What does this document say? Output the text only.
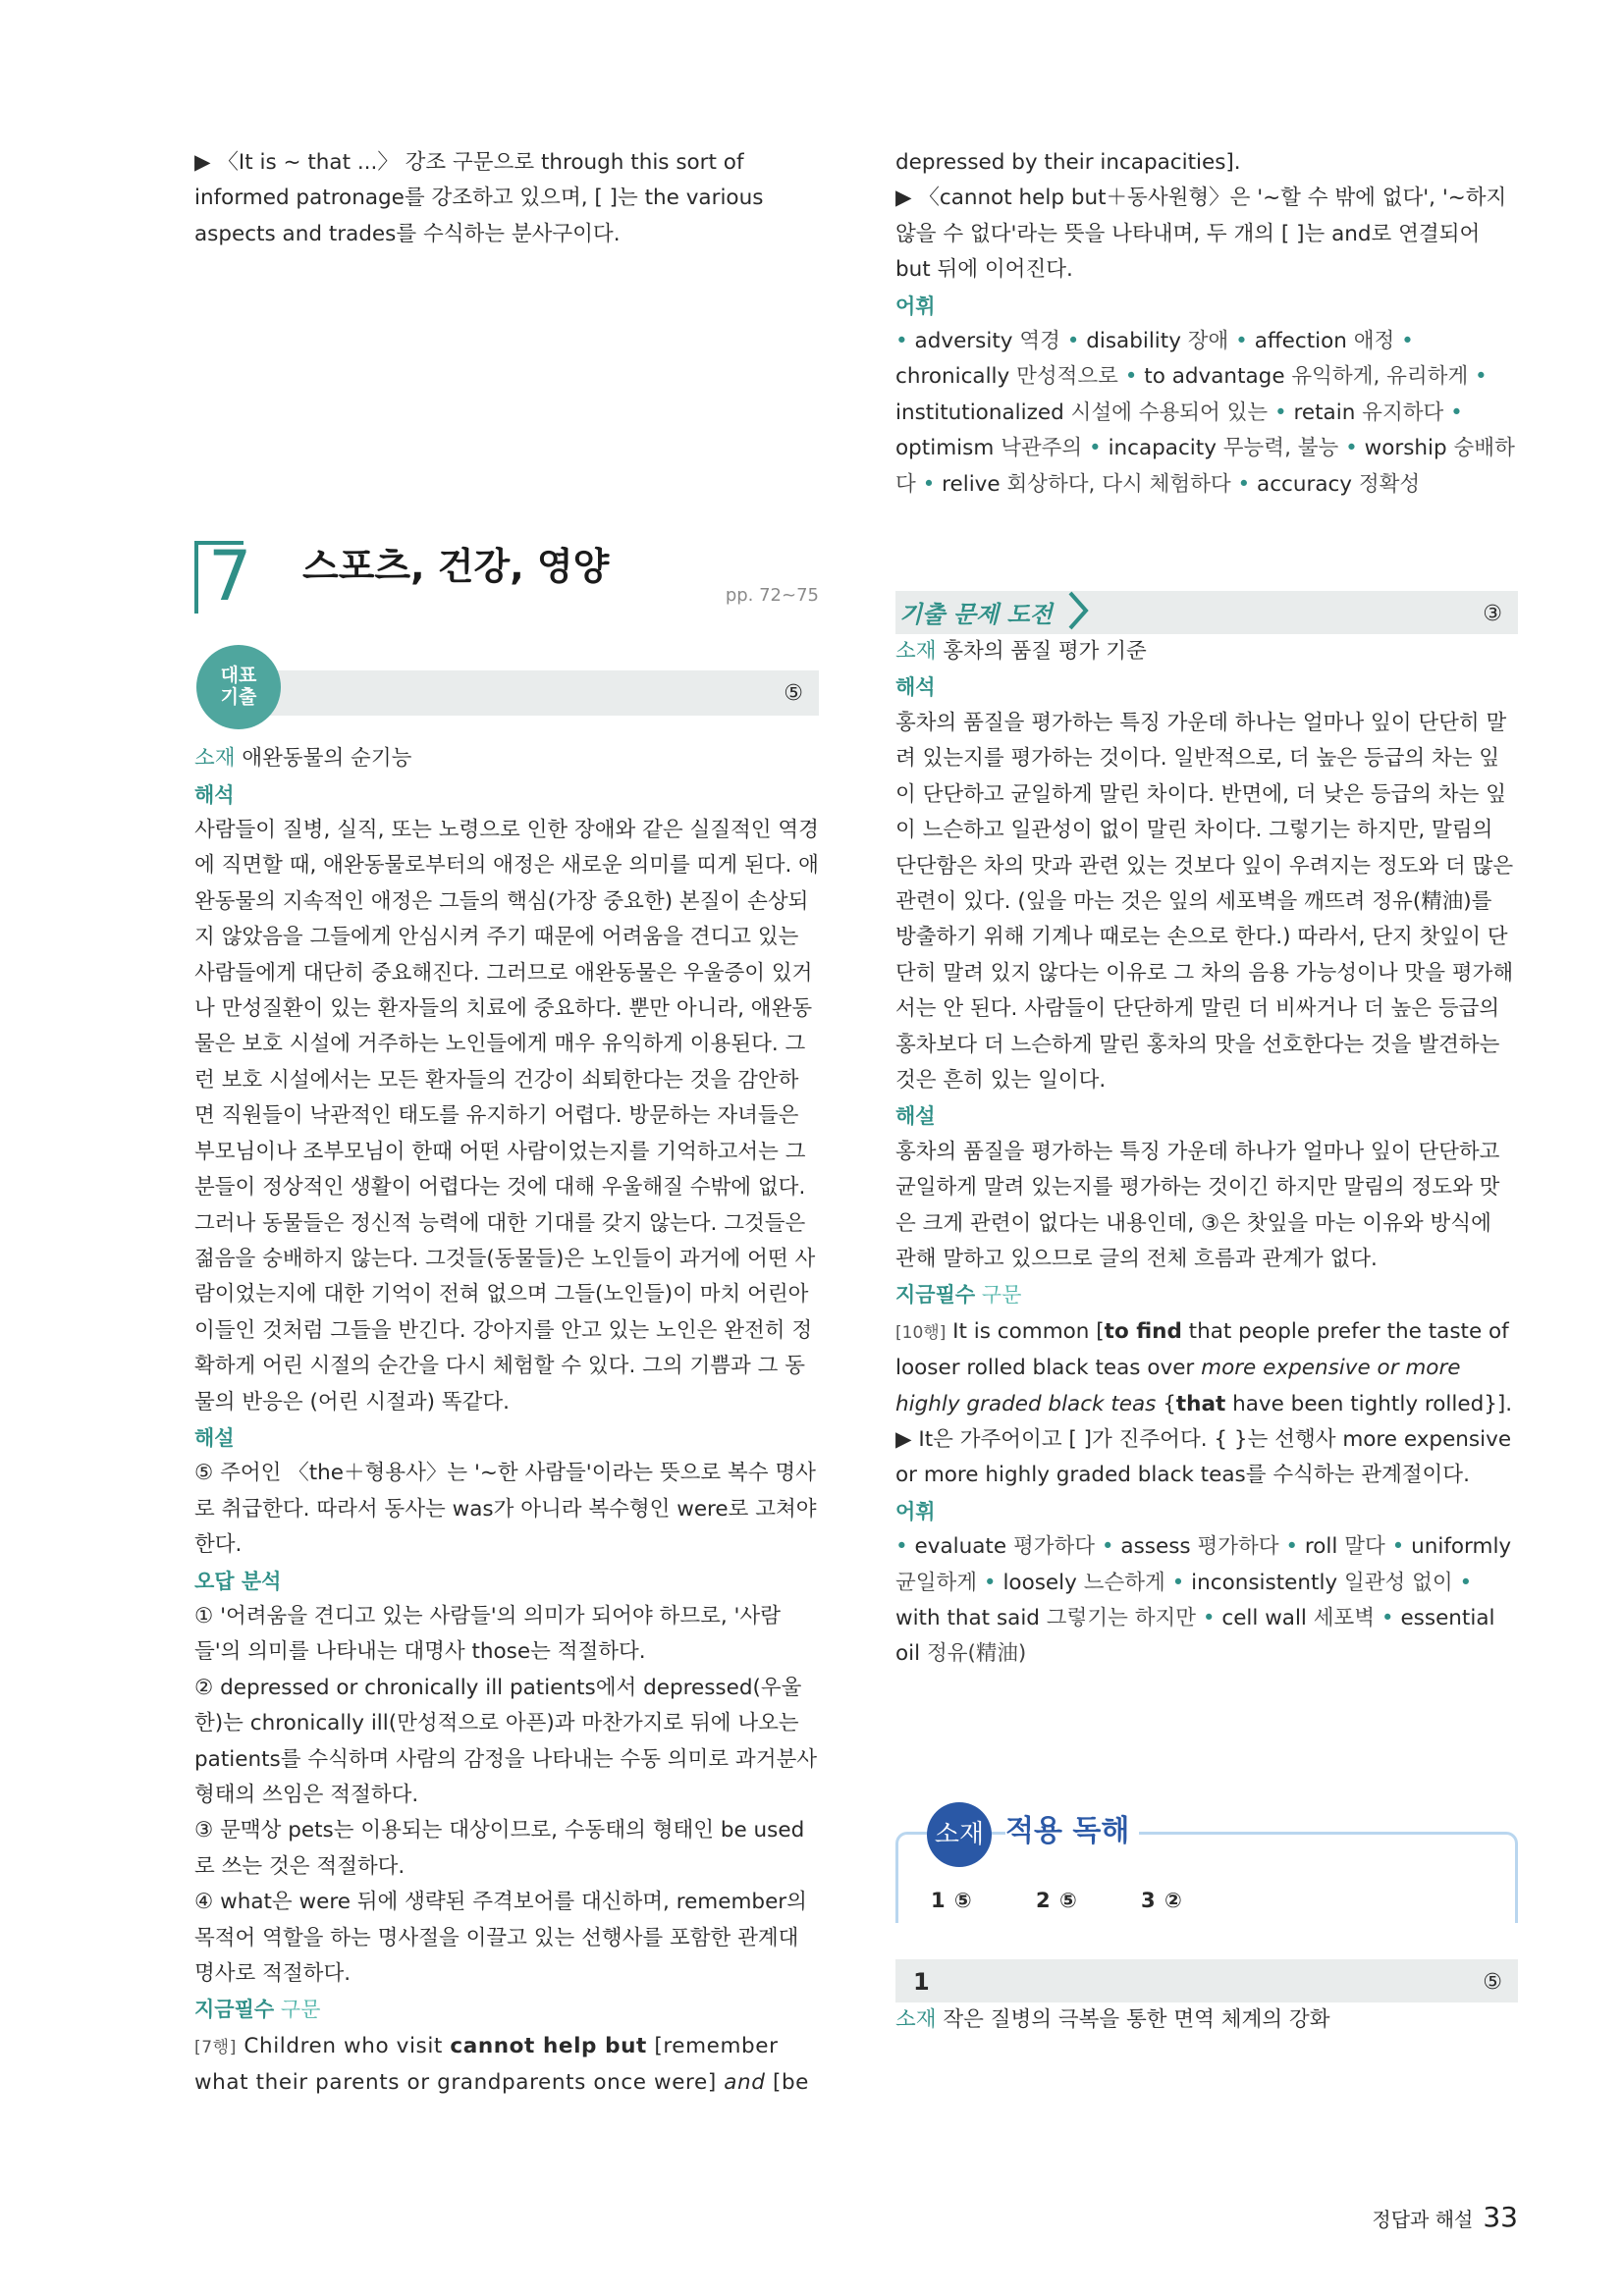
▶ 〈It is ~ that ...〉 강조 구문으로 through this sort of informed patronage를 강조하고 있으며, [ ]는 the various aspects and trades를 수식하는 분사구이다.

7 스포츠, 건강, 영양
pp. 72~75
⑤
대표
기출

소재 애완동물의 순기능

해석

사람들이 질병, 실직, 또는 노령으로 인한 장애와 같은 실질적인 역경에 직면할 때, 애완동물로부터의 애정은 새로운 의미를 띠게 된다. 애완동물의 지속적인 애정은 그들의 핵심(가장 중요한) 본질이 손상되지 않았음을 그들에게 안심시켜 주기 때문에 어려움을 견디고 있는 사람들에게 대단히 중요해진다. 그러므로 애완동물은 우울증이 있거나 만성질환이 있는 환자들의 치료에 중요하다. 뿐만 아니라, 애완동물은 보호 시설에 거주하는 노인들에게 매우 유익하게 이용된다. 그런 보호 시설에서는 모든 환자들의 건강이 쇠퇴한다는 것을 감안하면 직원들이 낙관적인 태도를 유지하기 어렵다. 방문하는 자녀들은 부모님이나 조부모님이 한때 어떤 사람이었는지를 기억하고서는 그분들이 정상적인 생활이 어렵다는 것에 대해 우울해질 수밖에 없다. 그러나 동물들은 정신적 능력에 대한 기대를 갖지 않는다. 그것들은 젊음을 숭배하지 않는다. 그것들(동물들)은 노인들이 과거에 어떤 사람이었는지에 대한 기억이 전혀 없으며 그들(노인들)이 마치 어린아이들인 것처럼 그들을 반긴다. 강아지를 안고 있는 노인은 완전히 정확하게 어린 시절의 순간을 다시 체험할 수 있다. 그의 기쁨과 그 동물의 반응은 (어린 시절과) 똑같다.

해설

⑤ 주어인 〈the＋형용사〉는 '~한 사람들'이라는 뜻으로 복수 명사로 취급한다. 따라서 동사는 was가 아니라 복수형인 were로 고쳐야 한다.

오답 분석

① '어려움을 견디고 있는 사람들'의 의미가 되어야 하므로, '사람들'의 의미를 나타내는 대명사 those는 적절하다.

② depressed or chronically ill patients에서 depressed(우울한)는 chronically ill(만성적으로 아픈)과 마찬가지로 뒤에 나오는 patients를 수식하며 사람의 감정을 나타내는 수동 의미로 과거분사 형태의 쓰임은 적절하다.

③ 문맥상 pets는 이용되는 대상이므로, 수동태의 형태인 be used로 쓰는 것은 적절하다.

④ what은 were 뒤에 생략된 주격보어를 대신하며, remember의 목적어 역할을 하는 명사절을 이끌고 있는 선행사를 포함한 관계대명사로 적절하다.

지금필수 구문

[7행] Children who visit cannot help but [remember what their parents or grandparents once were] and [be

depressed by their incapacities].

▶ 〈cannot help but＋동사원형〉은 '~할 수 밖에 없다', '~하지 않을 수 없다'라는 뜻을 나타내며, 두 개의 [ ]는 and로 연결되어 but 뒤에 이어진다.

어휘

• adversity 역경 • disability 장애 • affection 애정 • chronically 만성적으로 • to advantage 유익하게, 유리하게 • institutionalized 시설에 수용되어 있는 • retain 유지하다 • optimism 낙관주의 • incapacity 무능력, 불능 • worship 숭배하다 • relive 회상하다, 다시 체험하다 • accuracy 정확성

기출 문제 도전	③

소재 홍차의 품질 평가 기준

해석

홍차의 품질을 평가하는 특징 가운데 하나는 얼마나 잎이 단단히 말려 있는지를 평가하는 것이다. 일반적으로, 더 높은 등급의 차는 잎이 단단하고 균일하게 말린 차이다. 반면에, 더 낮은 등급의 차는 잎이 느슨하고 일관성이 없이 말린 차이다. 그렇기는 하지만, 말림의 단단함은 차의 맛과 관련 있는 것보다 잎이 우려지는 정도와 더 많은 관련이 있다. (잎을 마는 것은 잎의 세포벽을 깨뜨려 정유(精油)를 방출하기 위해 기계나 때로는 손으로 한다.) 따라서, 단지 찻잎이 단단히 말려 있지 않다는 이유로 그 차의 음용 가능성이나 맛을 평가해서는 안 된다. 사람들이 단단하게 말린 더 비싸거나 더 높은 등급의 홍차보다 더 느슨하게 말린 홍차의 맛을 선호한다는 것을 발견하는 것은 흔히 있는 일이다.

해설

홍차의 품질을 평가하는 특징 가운데 하나가 얼마나 잎이 단단하고 균일하게 말려 있는지를 평가하는 것이긴 하지만 말림의 정도와 맛은 크게 관련이 없다는 내용인데, ③은 찻잎을 마는 이유와 방식에 관해 말하고 있으므로 글의 전체 흐름과 관계가 없다.

지금필수 구문

[10행] It is common [to find that people prefer the taste of looser rolled black teas over more expensive or more highly graded black teas {that have been tightly rolled}].

▶ It은 가주어이고 [ ]가 진주어다. { }는 선행사 more expensive or more highly graded black teas를 수식하는 관계절이다.

어휘

• evaluate 평가하다 • assess 평가하다 • roll 말다 • uniformly 균일하게 • loosely 느슨하게 • inconsistently 일관성 없이 • with that said 그렇기는 하지만 • cell wall 세포벽 • essential oil 정유(精油)

소재 적용 독해
1 ⑤	2 ⑤	3 ②
1	⑤

소재 작은 질병의 극복을 통한 면역 체계의 강화

정답과 해설 33
